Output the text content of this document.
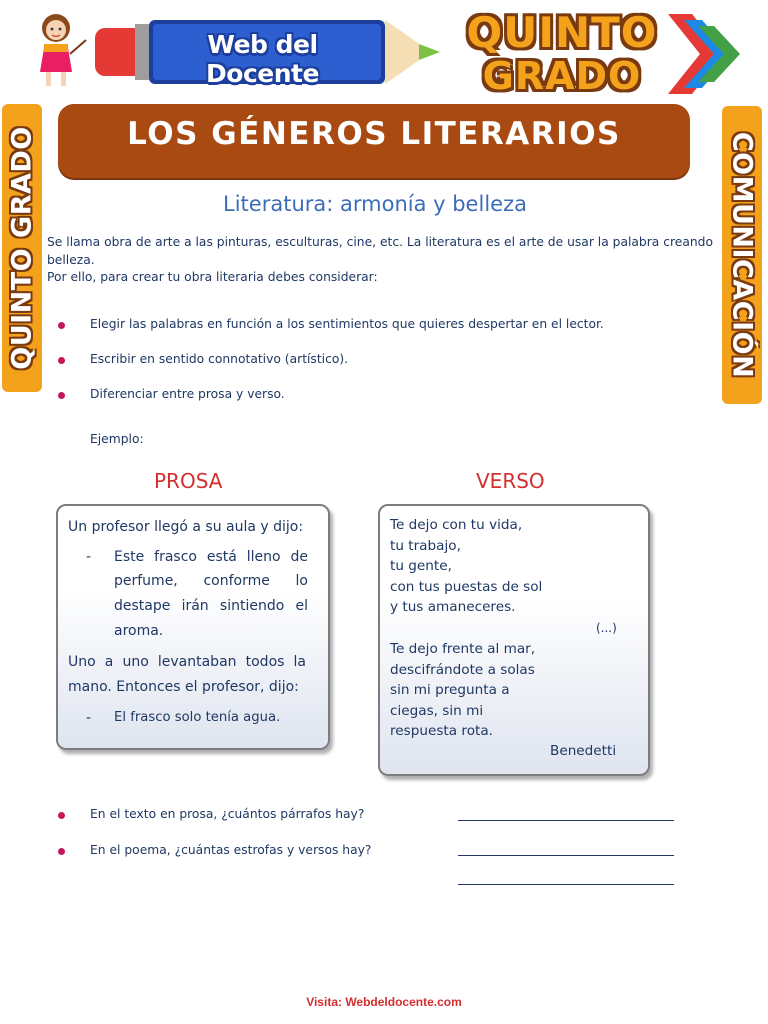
Web del Docente
QUINTO
GRADO
QUINTO GRADO	COMUNICACIÓN
LOS GÉNEROS LITERARIOS
Literatura: armonía y belleza

Se llama obra de arte a las pinturas, esculturas, cine, etc. La literatura es el arte de usar la palabra creando

belleza.

Por ello, para crear tu obra literaria debes considerar:

Elegir las palabras en función a los sentimientos que quieres despertar en el lector.
Escribir en sentido connotativo (artístico).
Diferenciar entre prosa y verso.
Ejemplo:
PROSA	VERSO
Un profesor llegó a su aula y dijo:
- Este frasco está lleno de
perfume, conforme lo
destape irán sintiendo el
aroma.
Uno a uno levantaban todos la
mano. Entonces el profesor, dijo:
- El frasco solo tenía agua.
Te dejo con tu vida,
tu trabajo,
tu gente,
con tus puestas de sol
y tus amaneceres.
(...)
Te dejo frente al mar,
descifrándote a solas
sin mi pregunta a
ciegas, sin mi
respuesta rota.
Benedetti
En el texto en prosa, ¿cuántos párrafos hay?
En el poema, ¿cuántas estrofas y versos hay?
Visita: Webdeldocente.com
